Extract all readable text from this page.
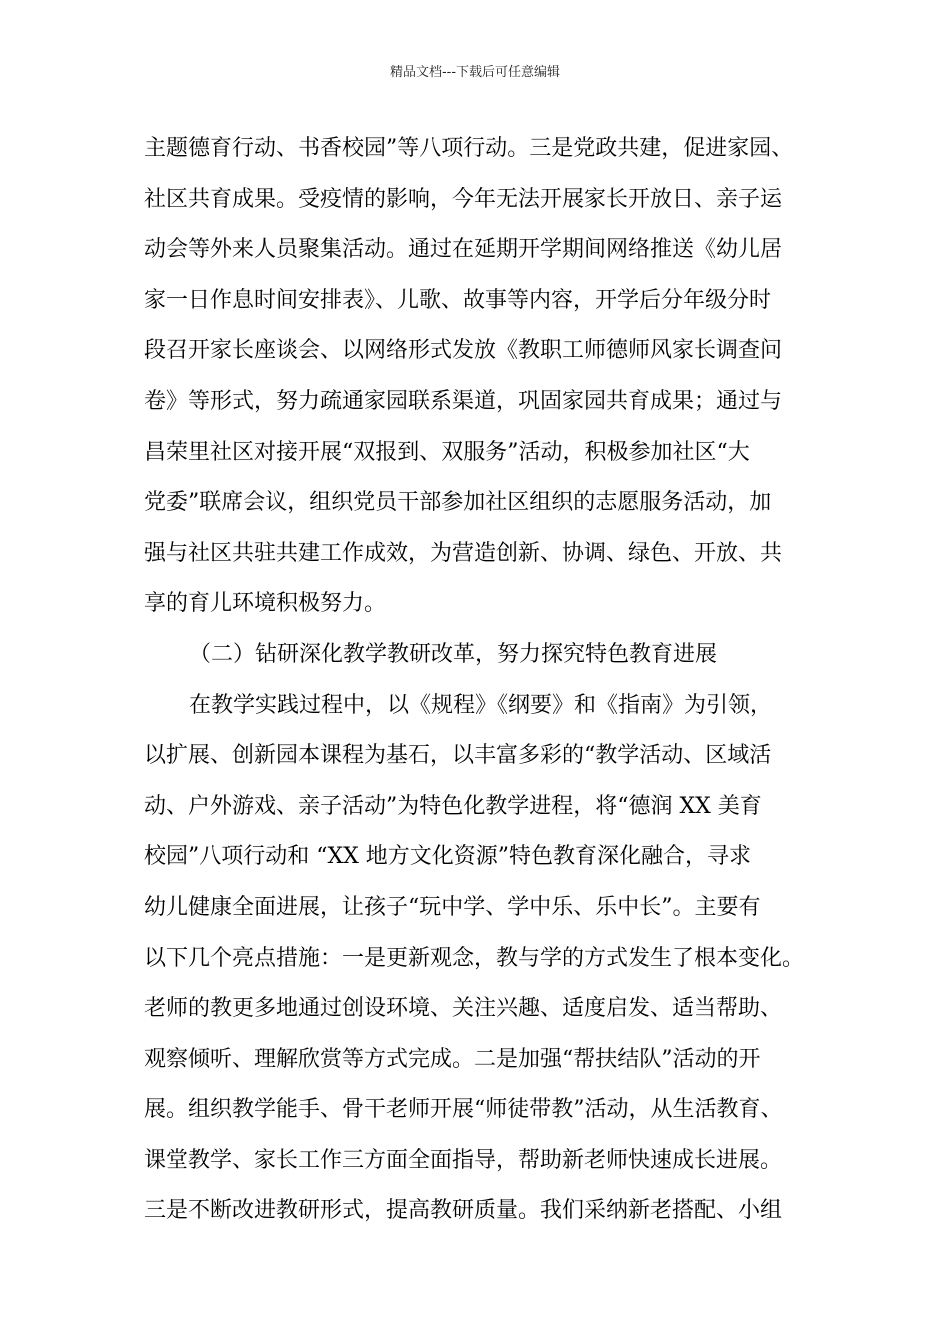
精品文档---下载后可任意编辑
主题德育行动、书香校园”等八项行动。三是党政共建，促进家园、
社区共育成果。受疫情的影响，今年无法开展家长开放日、亲子运
动会等外来人员聚集活动。通过在延期开学期间网络推送《幼儿居
家一日作息时间安排表》、儿歌、故事等内容，开学后分年级分时
段召开家长座谈会、以网络形式发放《教职工师德师风家长调查问
卷》等形式，努力疏通家园联系渠道，巩固家园共育成果；通过与
昌荣里社区对接开展“双报到、双服务”活动，积极参加社区“大
党委”联席会议，组织党员干部参加社区组织的志愿服务活动，加
强与社区共驻共建工作成效，为营造创新、协调、绿色、开放、共
享的育儿环境积极努力。
（二）钻研深化教学教研改革，努力探究特色教育进展
在教学实践过程中，以《规程》《纲要》和《指南》为引领，
以扩展、创新园本课程为基石，以丰富多彩的“教学活动、区域活
动、户外游戏、亲子活动”为特色化教学进程，将“德润 XX 美育
校园”八项行动和 “XX 地方文化资源”特色教育深化融合，寻求
幼儿健康全面进展，让孩子“玩中学、学中乐、乐中长”。主要有
以下几个亮点措施：一是更新观念，教与学的方式发生了根本变化。
老师的教更多地通过创设环境、关注兴趣、适度启发、适当帮助、
观察倾听、理解欣赏等方式完成。二是加强“帮扶结队”活动的开
展。组织教学能手、骨干老师开展“师徒带教”活动，从生活教育、
课堂教学、家长工作三方面全面指导，帮助新老师快速成长进展。
三是不断改进教研形式，提高教研质量。我们采纳新老搭配、小组
